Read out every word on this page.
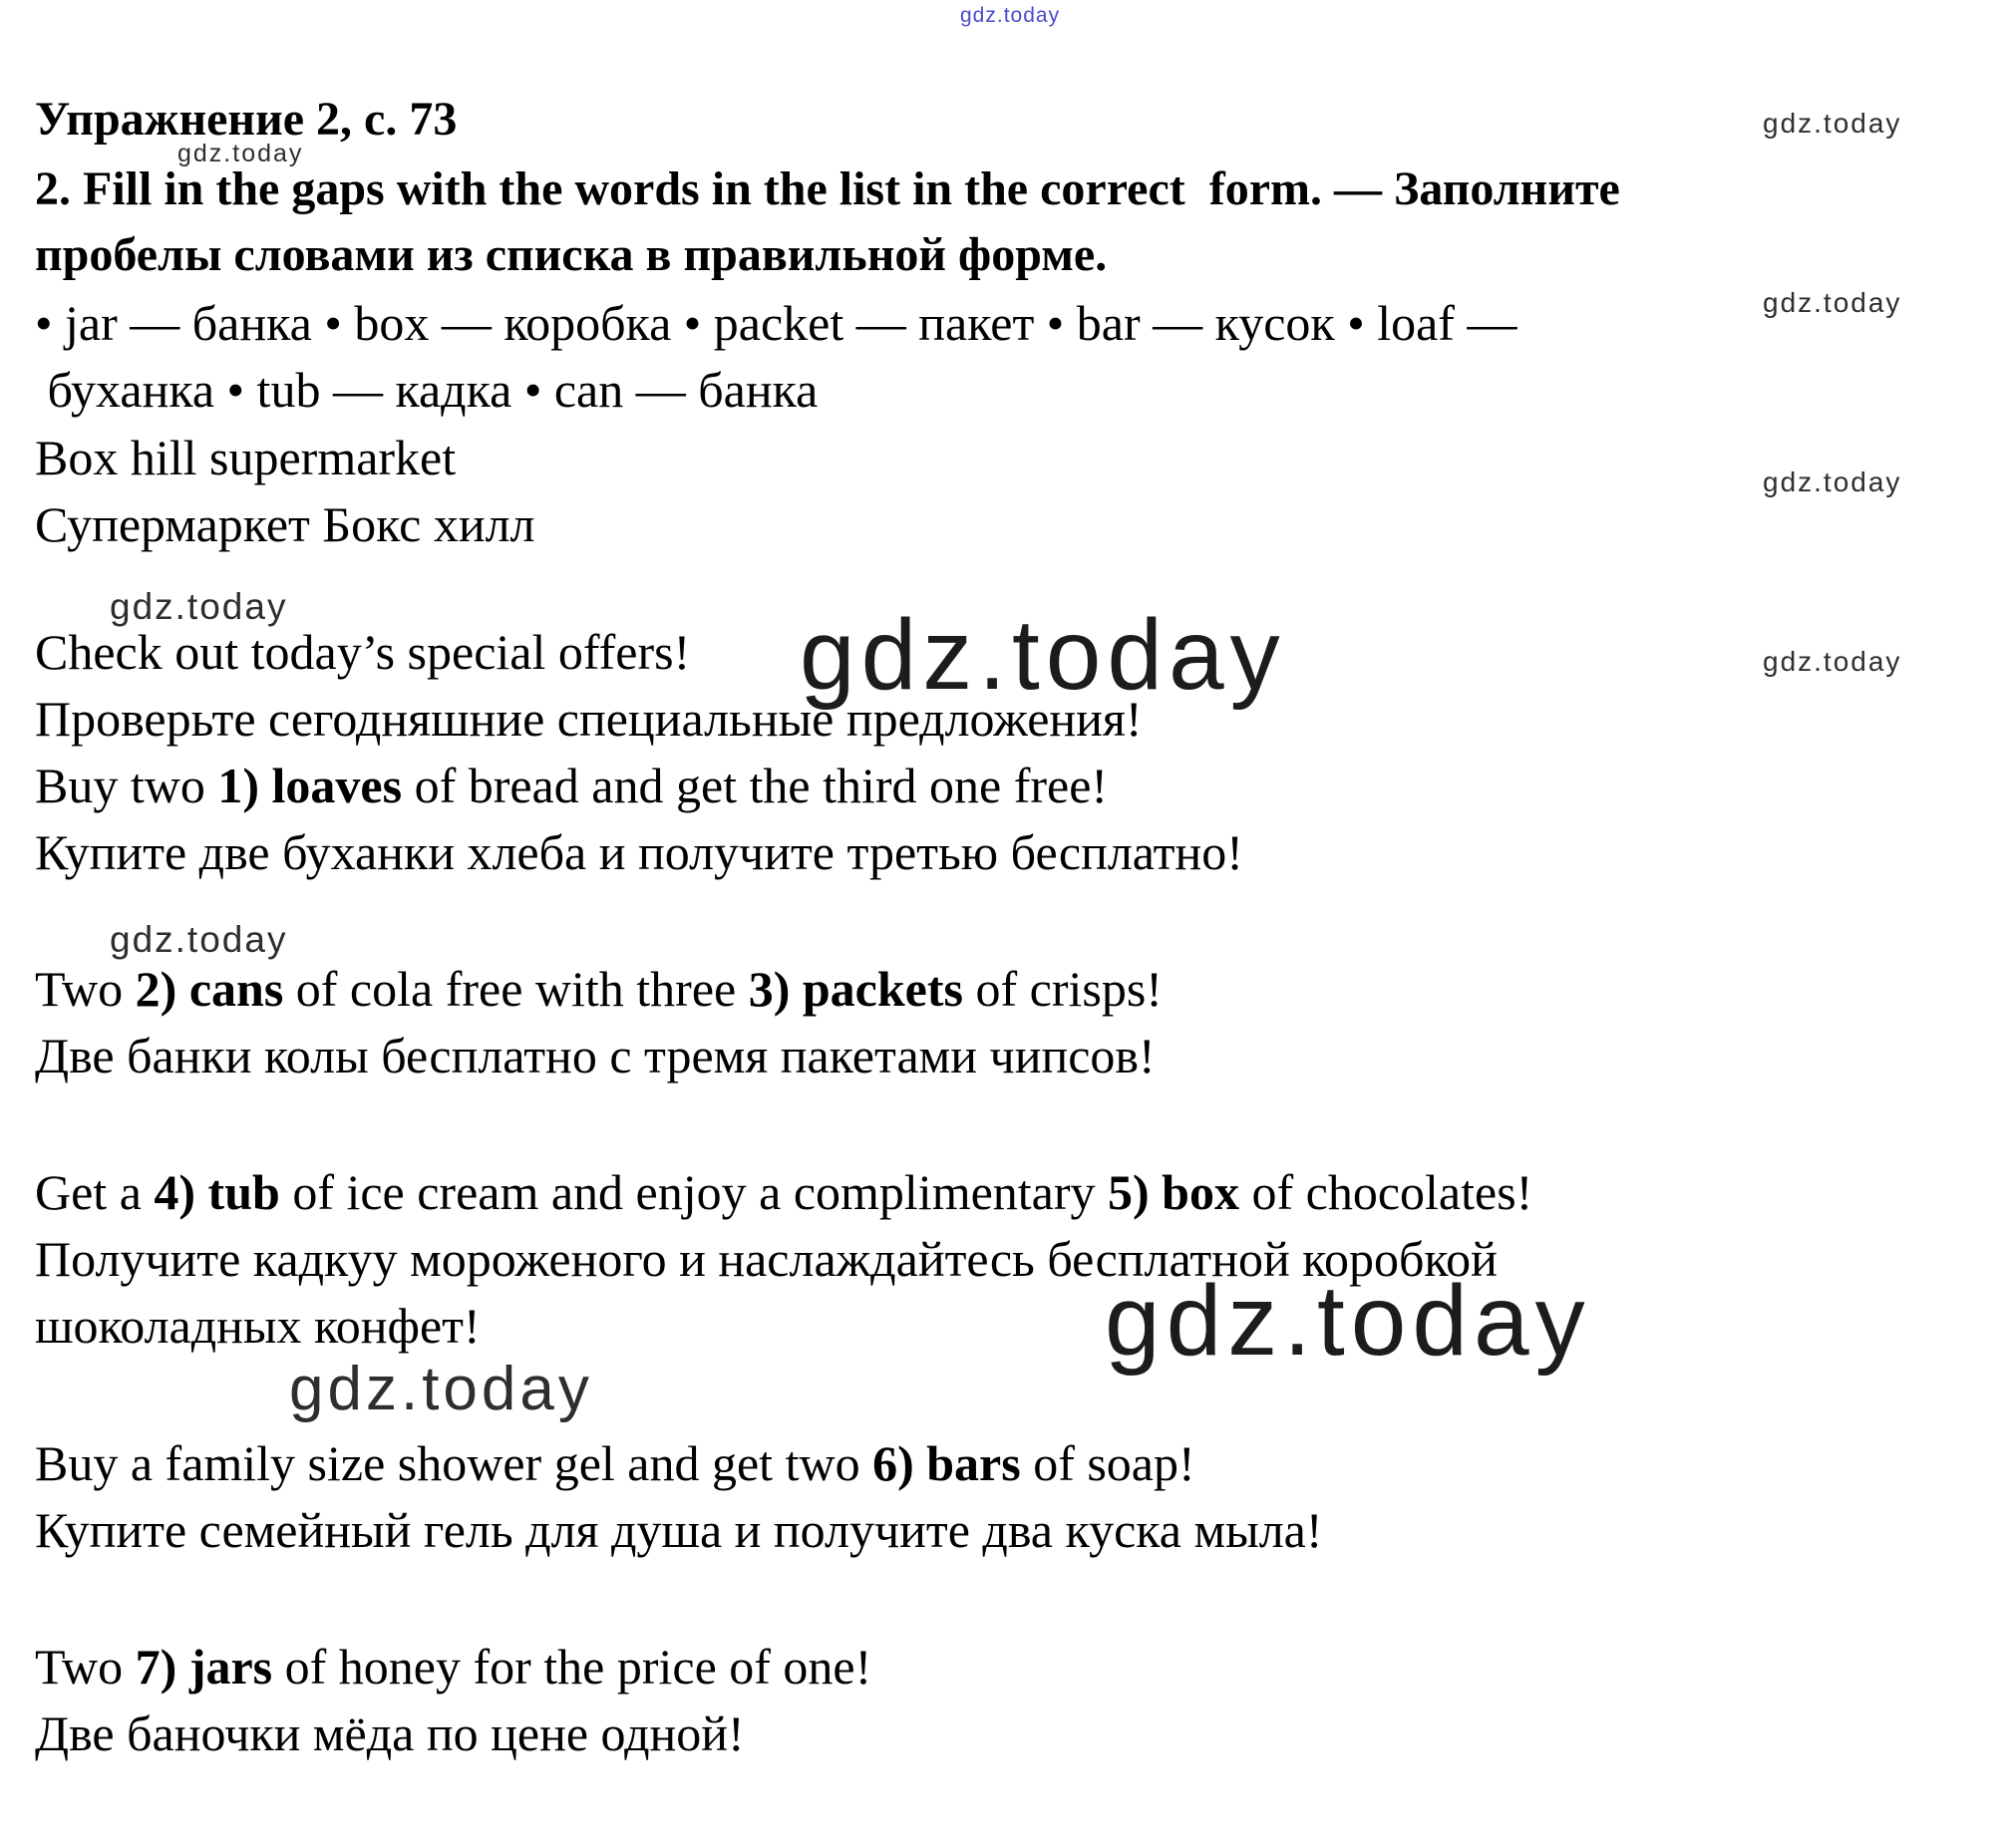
gdz.today
gdz.today
gdz.today
gdz.today
gdz.today
gdz.today
gdz.today	gdz.today
gdz.today
gdz.today
gdz.today
Упражнение 2, с. 73

2. Fill in the gaps with the words in the list in the correct  form. — Заполните

пробелы словами из списка в правильной форме.

• jar — банка • box — коробка • packet — пакет • bar — кусок • loaf —

буханка • tub — кадка • can — банка

Box hill supermarket

Супермаркет Бокс хилл

Check out today’s special offers!

Проверьте сегодняшние специальные предложения!

Buy two 1) loaves of bread and get the third one free!

Купите две буханки хлеба и получите третью бесплатно!

Two 2) cans of cola free with three 3) packets of crisps!

Две банки колы бесплатно с тремя пакетами чипсов!

Get a 4) tub of ice cream and enjoy a complimentary 5) box of chocolates!

Получите кадкуу мороженого и наслаждайтесь бесплатной коробкой

шоколадных конфет!

Buy a family size shower gel and get two 6) bars of soap!

Купите семейный гель для душа и получите два куска мыла!

Two 7) jars of honey for the price of one!

Две баночки мёда по цене одной!
